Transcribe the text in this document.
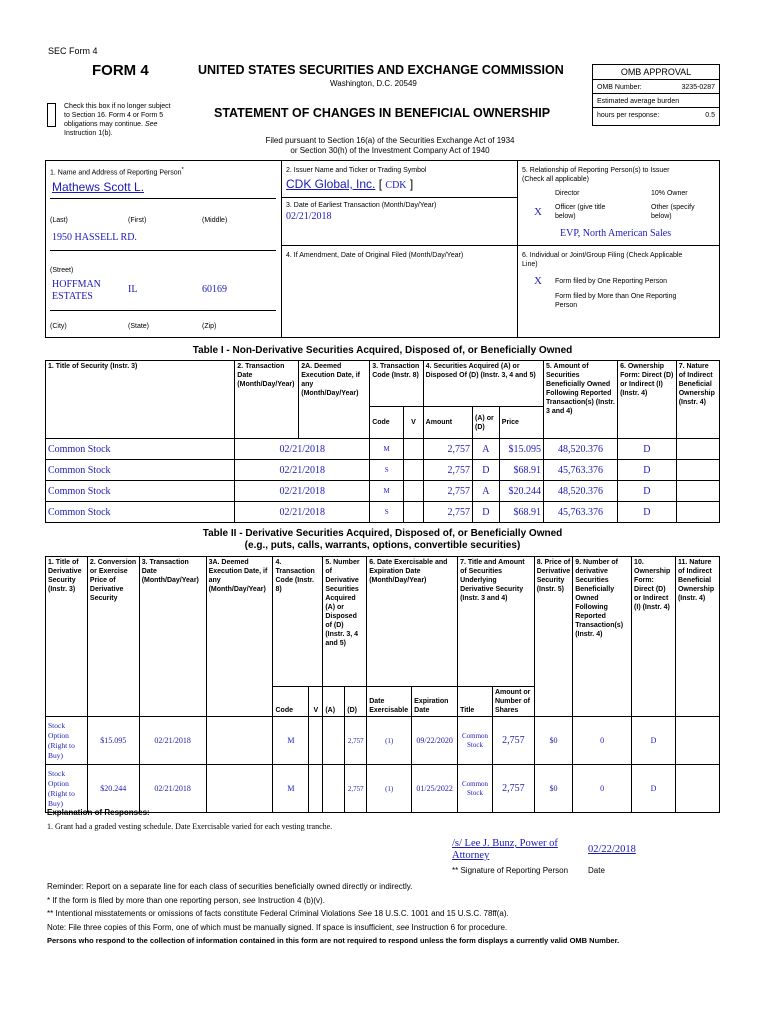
SEC Form 4
FORM 4	UNITED STATES SECURITIES AND EXCHANGE COMMISSION
Washington, D.C. 20549
Check this box if no longer subject
to Section 16. Form 4 or Form 5
obligations may continue. See
Instruction 1(b).
STATEMENT OF CHANGES IN BENEFICIAL OWNERSHIP
Filed pursuant to Section 16(a) of the Securities Exchange Act of 1934
or Section 30(h) of the Investment Company Act of 1940
OMB APPROVAL
OMB Number:	3235-0287
Estimated average burden
hours per response:	0.5
1. Name and Address of Reporting Person*
Mathews Scott L.
(Last)	(First)	(Middle)
1950 HASSELL RD.
(Street)
HOFFMAN
ESTATES
IL	60169
(City)	(State)	(Zip)
2. Issuer Name and Ticker or Trading Symbol
CDK Global, Inc. [ CDK ]
3. Date of Earliest Transaction (Month/Day/Year)
02/21/2018
4. If Amendment, Date of Original Filed (Month/Day/Year)
5. Relationship of Reporting Person(s) to Issuer
(Check all applicable)
Director	10% Owner
X Officer (give title
below)
Other (specify
below)
EVP, North American Sales
6. Individual or Joint/Group Filing (Check Applicable
Line)
X Form filed by One Reporting Person
Form filed by More than One Reporting
Person
Table I - Non-Derivative Securities Acquired, Disposed of, or Beneficially Owned
1. Title of Security (Instr. 3)	2. Transaction Date (Month/Day/Year)	2A. Deemed Execution Date, if any (Month/Day/Year)	3. Transaction Code (Instr. 8)		4. Securities Acquired (A) or Disposed Of (D) (Instr. 3, 4 and 5)			5. Amount of Securities Beneficially Owned Following Reported Transaction(s) (Instr. 3 and 4)	6. Ownership Form: Direct (D) or Indirect (I) (Instr. 4)	7. Nature of Indirect Beneficial Ownership (Instr. 4)
			Code	V	Amount	(A) or (D)	Price			
Common Stock	02/21/2018		M		2,757	A	$15.095	48,520.376	D	
Common Stock	02/21/2018		S		2,757	D	$68.91	45,763.376	D	
Common Stock	02/21/2018		M		2,757	A	$20.244	48,520.376	D	
Common Stock	02/21/2018		S		2,757	D	$68.91	45,763.376	D	
Table II - Derivative Securities Acquired, Disposed of, or Beneficially Owned
(e.g., puts, calls, warrants, options, convertible securities)
1. Title of Derivative Security (Instr. 3)	2. Conversion or Exercise Price of Derivative Security	3. Transaction Date (Month/Day/Year)	3A. Deemed Execution Date, if any (Month/Day/Year)	4. Transaction Code (Instr. 8)		5. Number of Derivative Securities Acquired (A) or Disposed of (D) (Instr. 3, 4 and 5)		6. Date Exercisable and Expiration Date (Month/Day/Year)		7. Title and Amount of Securities Underlying Derivative Security (Instr. 3 and 4)		8. Price of Derivative Security (Instr. 5)	9. Number of derivative Securities Beneficially Owned Following Reported Transaction(s) (Instr. 4)	10. Ownership Form: Direct (D) or Indirect (I) (Instr. 4)	11. Nature of Indirect Beneficial Ownership (Instr. 4)
				Code	V	(A)	(D)	Date Exercisable	Expiration Date	Title	Amount or Number of Shares				
Stock Option (Right to Buy)	$15.095	02/21/2018		M			2,757	(1)	09/22/2020	Common Stock	2,757	$0	0	D	
Stock Option (Right to Buy)	$20.244	02/21/2018		M			2,757	(1)	01/25/2022	Common Stock	2,757	$0	0	D	
Explanation of Responses:
1. Grant had a graded vesting schedule. Date Exercisable varied for each vesting tranche.
/s/ Lee J. Bunz, Power of
Attorney
02/22/2018
** Signature of Reporting Person Date
Reminder: Report on a separate line for each class of securities beneficially owned directly or indirectly.
* If the form is filed by more than one reporting person, see Instruction 4 (b)(v).
** Intentional misstatements or omissions of facts constitute Federal Criminal Violations See 18 U.S.C. 1001 and 15 U.S.C. 78ff(a).
Note: File three copies of this Form, one of which must be manually signed. If space is insufficient, see Instruction 6 for procedure.
Persons who respond to the collection of information contained in this form are not required to respond unless the form displays a currently valid OMB Number.
